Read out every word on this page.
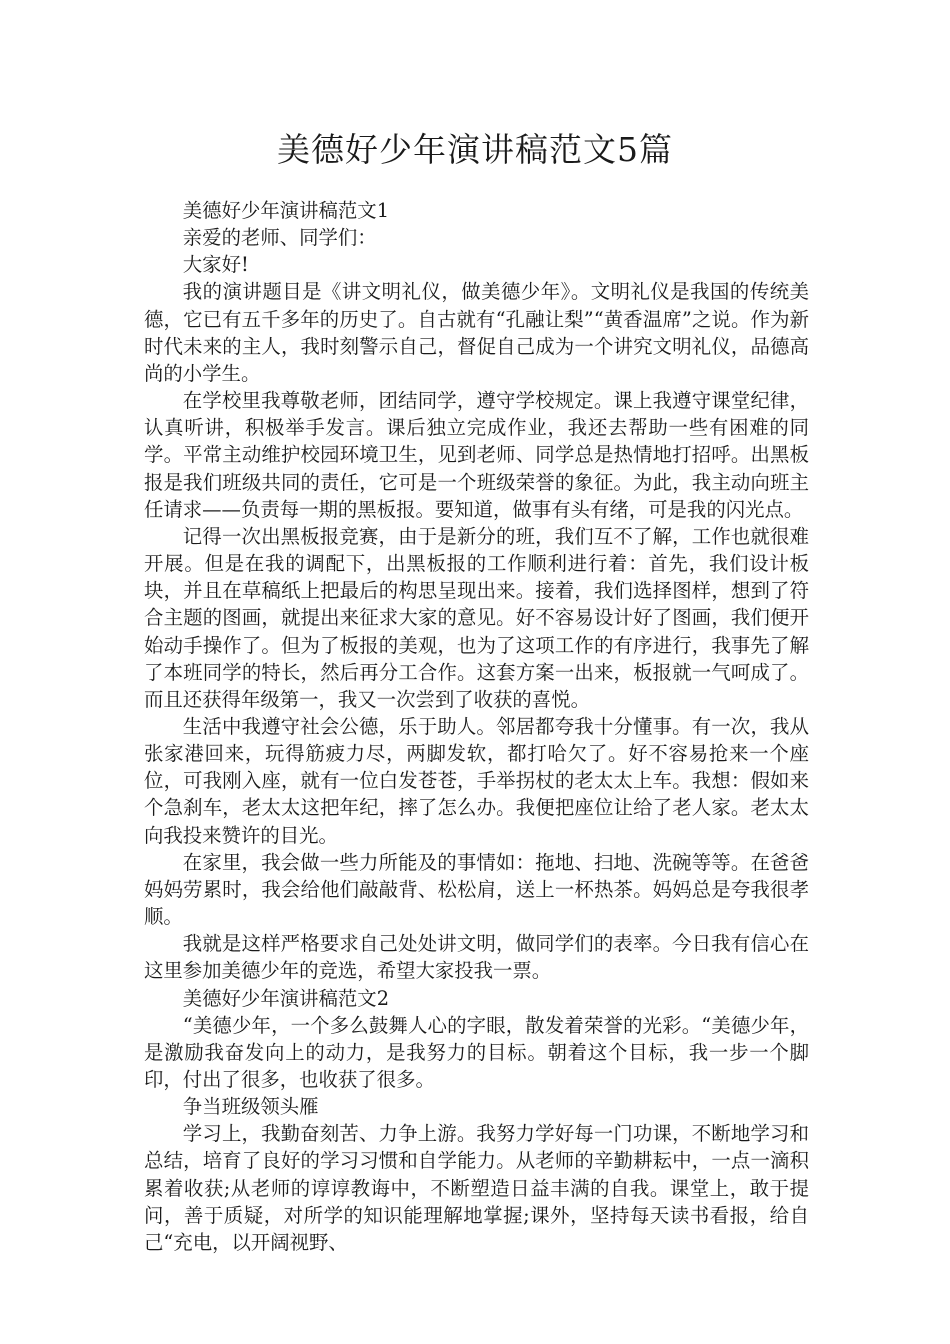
美德好少年演讲稿范文5篇

美德好少年演讲稿范文1

亲爱的老师、同学们：

大家好!

我的演讲题目是《讲文明礼仪，做美德少年》。文明礼仪是我国的传统美德，它已有五千多年的历史了。自古就有“孔融让梨”“黄香温席”之说。作为新时代未来的主人，我时刻警示自己，督促自己成为一个讲究文明礼仪，品德高尚的小学生。

在学校里我尊敬老师，团结同学，遵守学校规定。课上我遵守课堂纪律，认真听讲，积极举手发言。课后独立完成作业，我还去帮助一些有困难的同学。平常主动维护校园环境卫生，见到老师、同学总是热情地打招呼。出黑板报是我们班级共同的责任，它可是一个班级荣誉的象征。为此，我主动向班主任请求——负责每一期的黑板报。要知道，做事有头有绪，可是我的闪光点。

记得一次出黑板报竞赛，由于是新分的班，我们互不了解，工作也就很难开展。但是在我的调配下，出黑板报的工作顺利进行着：首先，我们设计板块，并且在草稿纸上把最后的构思呈现出来。接着，我们选择图样，想到了符合主题的图画，就提出来征求大家的意见。好不容易设计好了图画，我们便开始动手操作了。但为了板报的美观，也为了这项工作的有序进行，我事先了解了本班同学的特长，然后再分工合作。这套方案一出来，板报就一气呵成了。而且还获得年级第一，我又一次尝到了收获的喜悦。

生活中我遵守社会公德，乐于助人。邻居都夸我十分懂事。有一次，我从张家港回来，玩得筋疲力尽，两脚发软，都打哈欠了。好不容易抢来一个座位，可我刚入座，就有一位白发苍苍，手举拐杖的老太太上车。我想：假如来个急刹车，老太太这把年纪，摔了怎么办。我便把座位让给了老人家。老太太向我投来赞许的目光。

在家里，我会做一些力所能及的事情如：拖地、扫地、洗碗等等。在爸爸妈妈劳累时，我会给他们敲敲背、松松肩，送上一杯热茶。妈妈总是夸我很孝顺。

我就是这样严格要求自己处处讲文明，做同学们的表率。今日我有信心在这里参加美德少年的竞选，希望大家投我一票。

美德好少年演讲稿范文2

“美德少年，一个多么鼓舞人心的字眼，散发着荣誉的光彩。“美德少年，是激励我奋发向上的动力，是我努力的目标。朝着这个目标，我一步一个脚印，付出了很多，也收获了很多。

争当班级领头雁

学习上，我勤奋刻苦、力争上游。我努力学好每一门功课，不断地学习和总结，培育了良好的学习习惯和自学能力。从老师的辛勤耕耘中，一点一滴积累着收获;从老师的谆谆教诲中，不断塑造日益丰满的自我。课堂上，敢于提问，善于质疑，对所学的知识能理解地掌握;课外，坚持每天读书看报，给自己“充电，以开阔视野、
